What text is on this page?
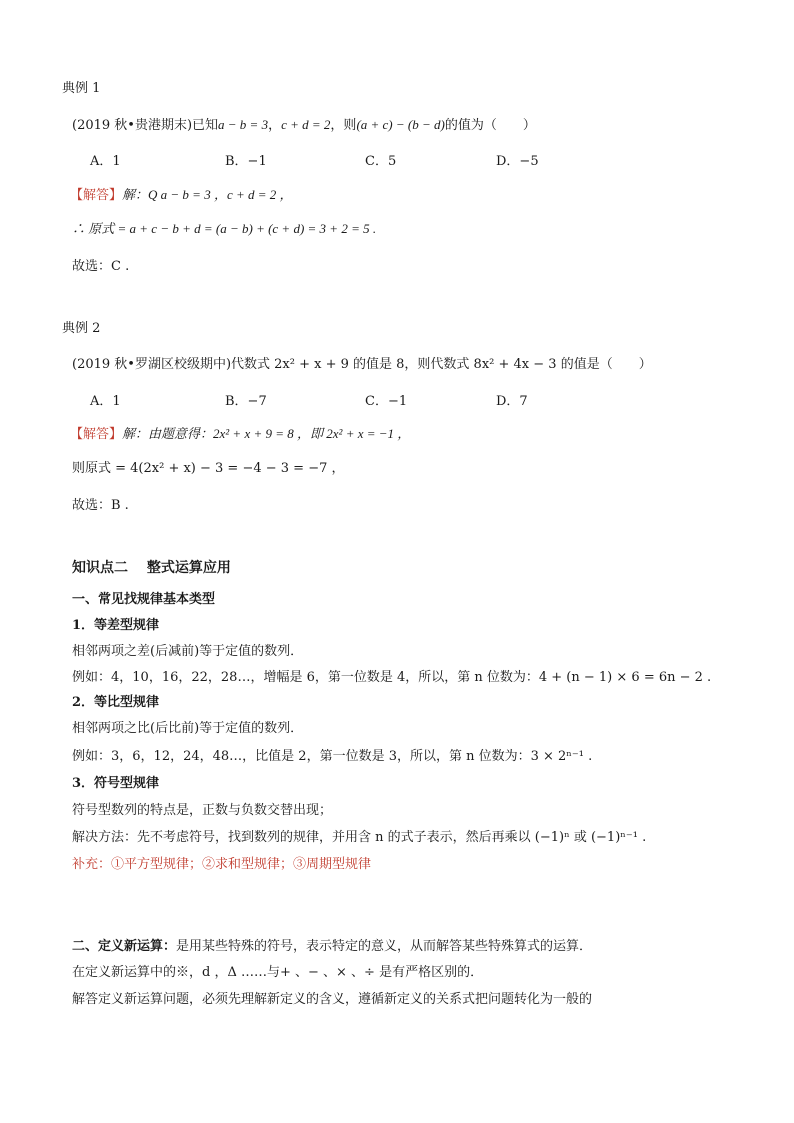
典例 1
(2019 秋•贵港期末)已知a − b = 3，c + d = 2，则(a + c) − (b − d)的值为（　　）
A．1	B．−1	C．5	D．−5
【解答】解：Q a − b = 3 ，c + d = 2 ，
∴ 原式 = a + c − b + d = (a − b) + (c + d) = 3 + 2 = 5 .
故选：C .
典例 2
(2019 秋•罗湖区校级期中)代数式 2x² + x + 9 的值是 8，则代数式 8x² + 4x − 3 的值是（　　）
A．1	B．−7	C．−1	D．7
【解答】解：由题意得：2x² + x + 9 = 8 ，即 2x² + x = −1 ，
则原式 = 4(2x² + x) − 3 = −4 − 3 = −7 ，
故选：B .
知识点二　 整式运算应用
一、常见找规律基本类型
1．等差型规律
相邻两项之差(后减前)等于定值的数列．
例如：4，10，16，22，28…，增幅是 6，第一位数是 4，所以，第 n 位数为：4 + (n − 1) × 6 = 6n − 2 .
2．等比型规律
相邻两项之比(后比前)等于定值的数列．
例如：3，6，12，24，48…，比值是 2，第一位数是 3，所以，第 n 位数为：3 × 2ⁿ⁻¹ .
3．符号型规律
符号型数列的特点是，正数与负数交替出现；
解决方法：先不考虑符号，找到数列的规律，并用含 n 的式子表示，然后再乘以 (−1)ⁿ 或 (−1)ⁿ⁻¹ .
补充：①平方型规律；②求和型规律；③周期型规律
二、定义新运算：是用某些特殊的符号，表示特定的意义，从而解答某些特殊算式的运算．
在定义新运算中的※，d ，Δ ……与+ 、− 、× 、÷ 是有严格区别的．
解答定义新运算问题，必须先理解新定义的含义，遵循新定义的关系式把问题转化为一般的
